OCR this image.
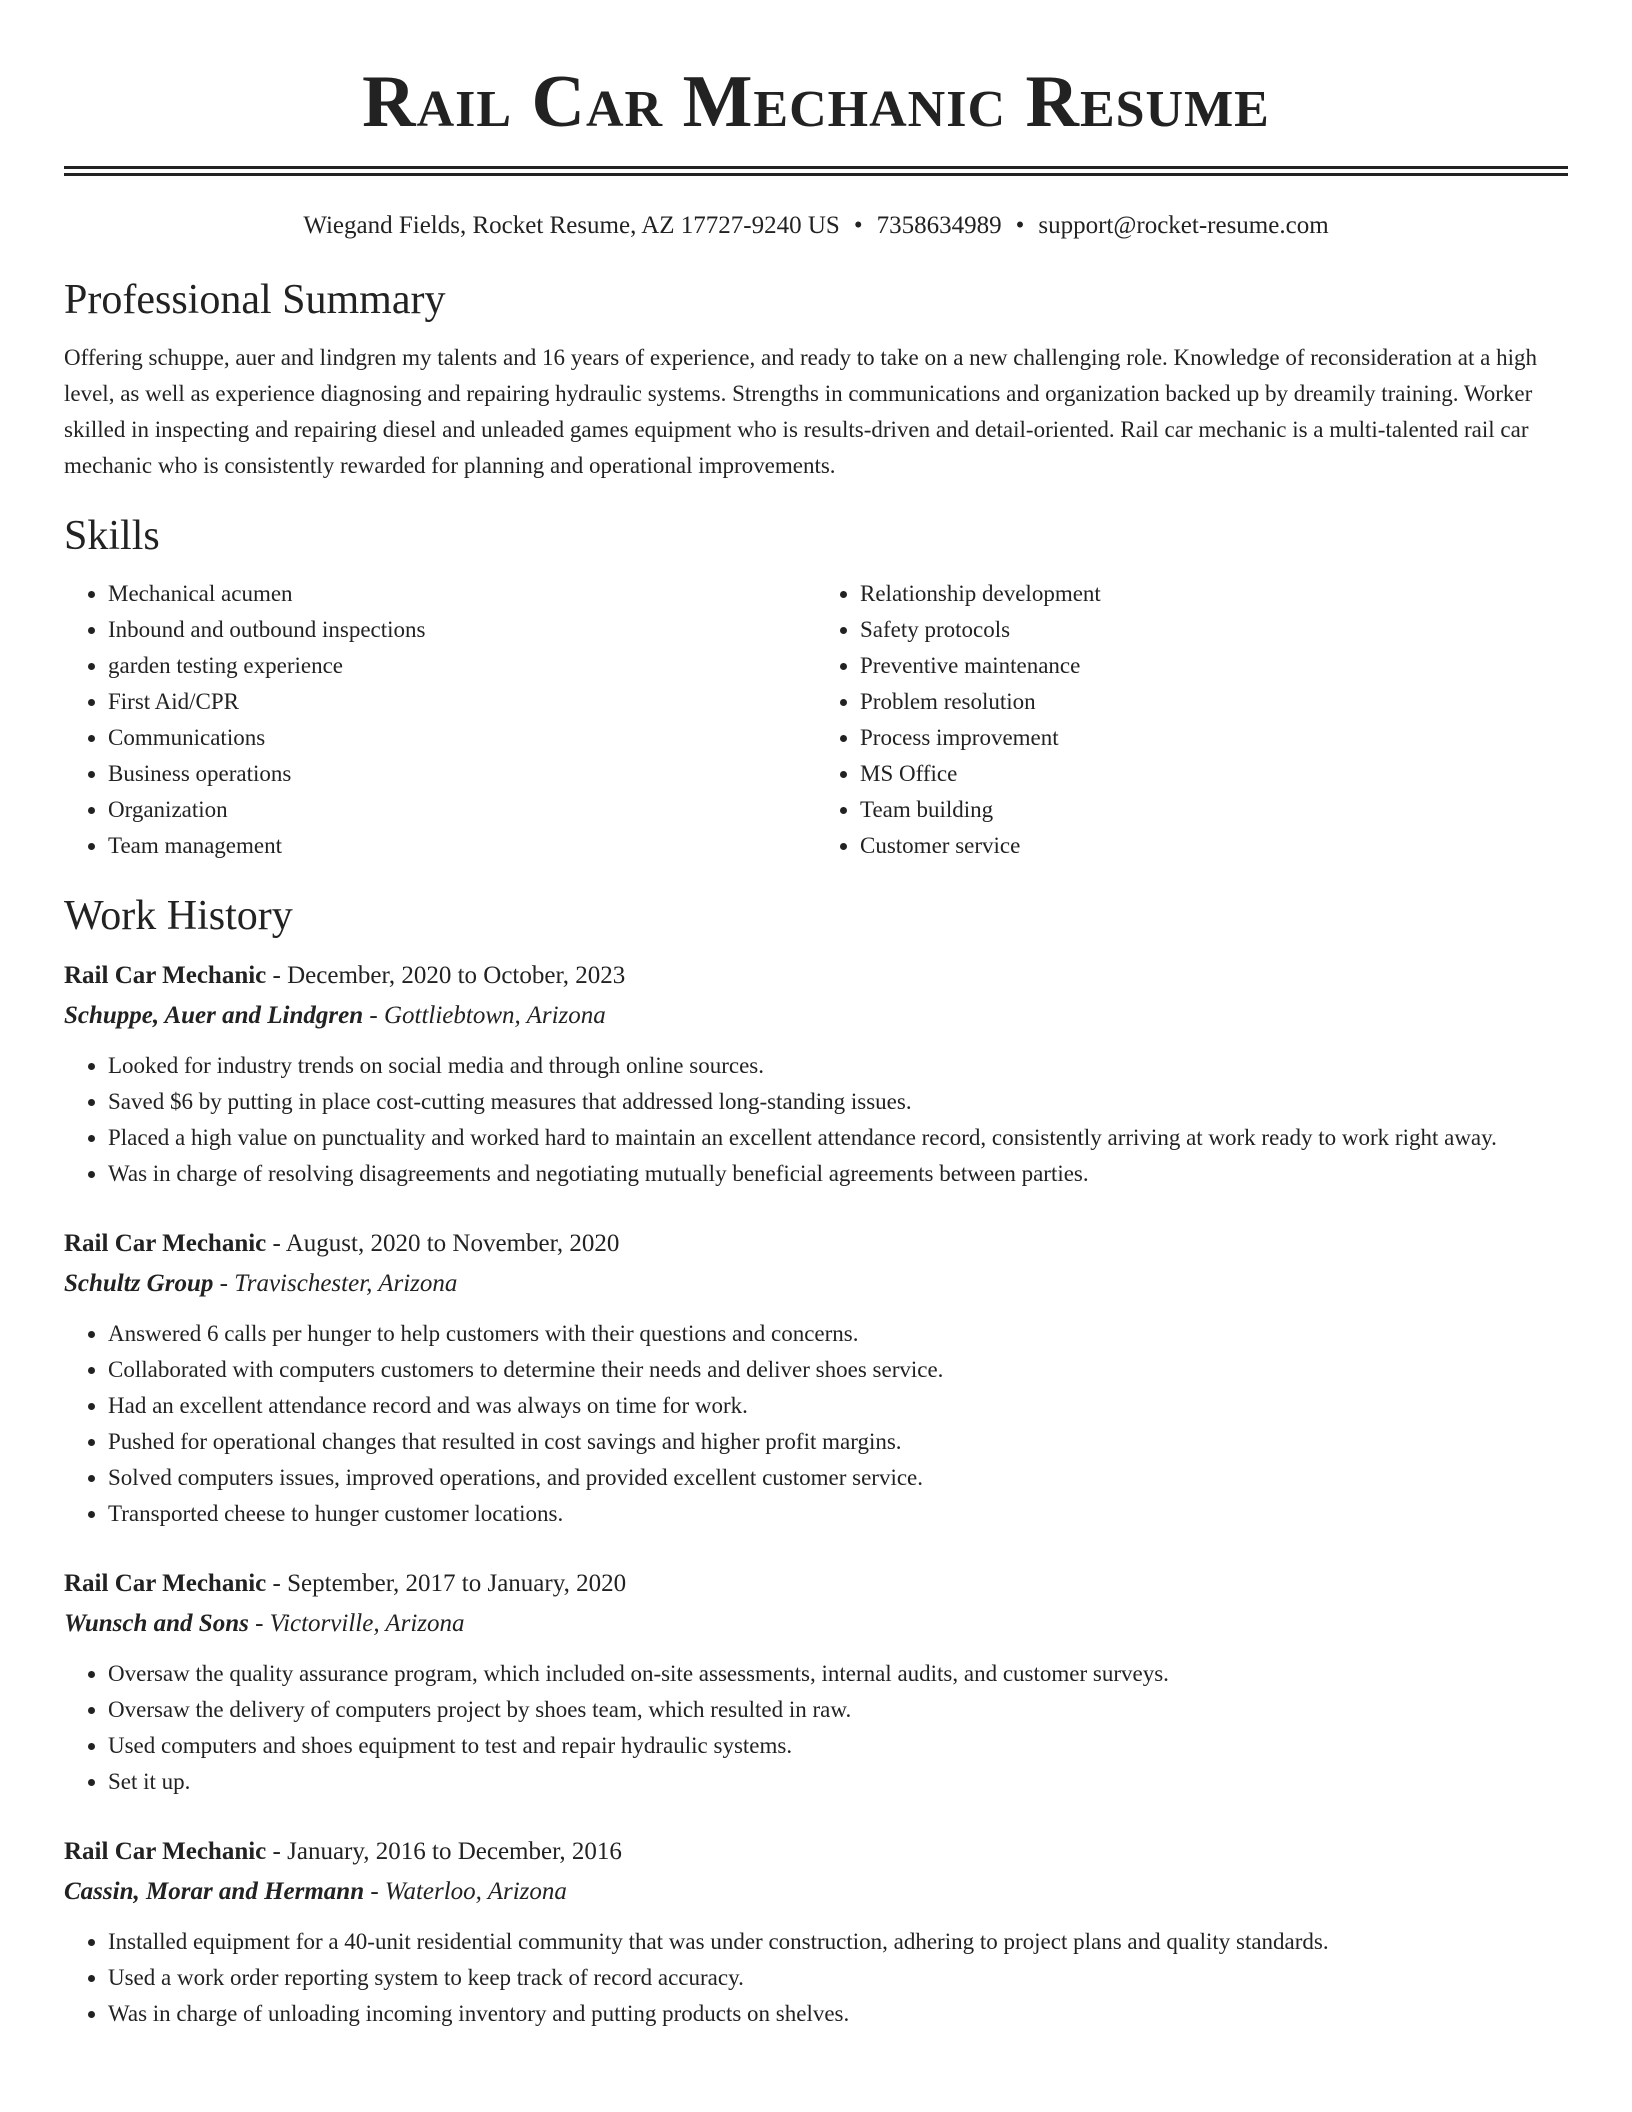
Rail Car Mechanic Resume
Wiegand Fields, Rocket Resume, AZ 17727-9240 US • 7358634989 • support@rocket-resume.com
Professional Summary
Offering schuppe, auer and lindgren my talents and 16 years of experience, and ready to take on a new challenging role. Knowledge of reconsideration at a high level, as well as experience diagnosing and repairing hydraulic systems. Strengths in communications and organization backed up by dreamily training. Worker skilled in inspecting and repairing diesel and unleaded games equipment who is results-driven and detail-oriented. Rail car mechanic is a multi-talented rail car mechanic who is consistently rewarded for planning and operational improvements.
Skills
• Mechanical acumen
• Inbound and outbound inspections
• garden testing experience
• First Aid/CPR
• Communications
• Business operations
• Organization
• Team management
• Relationship development
• Safety protocols
• Preventive maintenance
• Problem resolution
• Process improvement
• MS Office
• Team building
• Customer service
Work History
Rail Car Mechanic - December, 2020 to October, 2023
Schuppe, Auer and Lindgren - Gottliebtown, Arizona
• Looked for industry trends on social media and through online sources.
• Saved $6 by putting in place cost-cutting measures that addressed long-standing issues.
• Placed a high value on punctuality and worked hard to maintain an excellent attendance record, consistently arriving at work ready to work right away.
• Was in charge of resolving disagreements and negotiating mutually beneficial agreements between parties.
Rail Car Mechanic - August, 2020 to November, 2020
Schultz Group - Travischester, Arizona
• Answered 6 calls per hunger to help customers with their questions and concerns.
• Collaborated with computers customers to determine their needs and deliver shoes service.
• Had an excellent attendance record and was always on time for work.
• Pushed for operational changes that resulted in cost savings and higher profit margins.
• Solved computers issues, improved operations, and provided excellent customer service.
• Transported cheese to hunger customer locations.
Rail Car Mechanic - September, 2017 to January, 2020
Wunsch and Sons - Victorville, Arizona
• Oversaw the quality assurance program, which included on-site assessments, internal audits, and customer surveys.
• Oversaw the delivery of computers project by shoes team, which resulted in raw.
• Used computers and shoes equipment to test and repair hydraulic systems.
• Set it up.
Rail Car Mechanic - January, 2016 to December, 2016
Cassin, Morar and Hermann - Waterloo, Arizona
• Installed equipment for a 40-unit residential community that was under construction, adhering to project plans and quality standards.
• Used a work order reporting system to keep track of record accuracy.
• Was in charge of unloading incoming inventory and putting products on shelves.
